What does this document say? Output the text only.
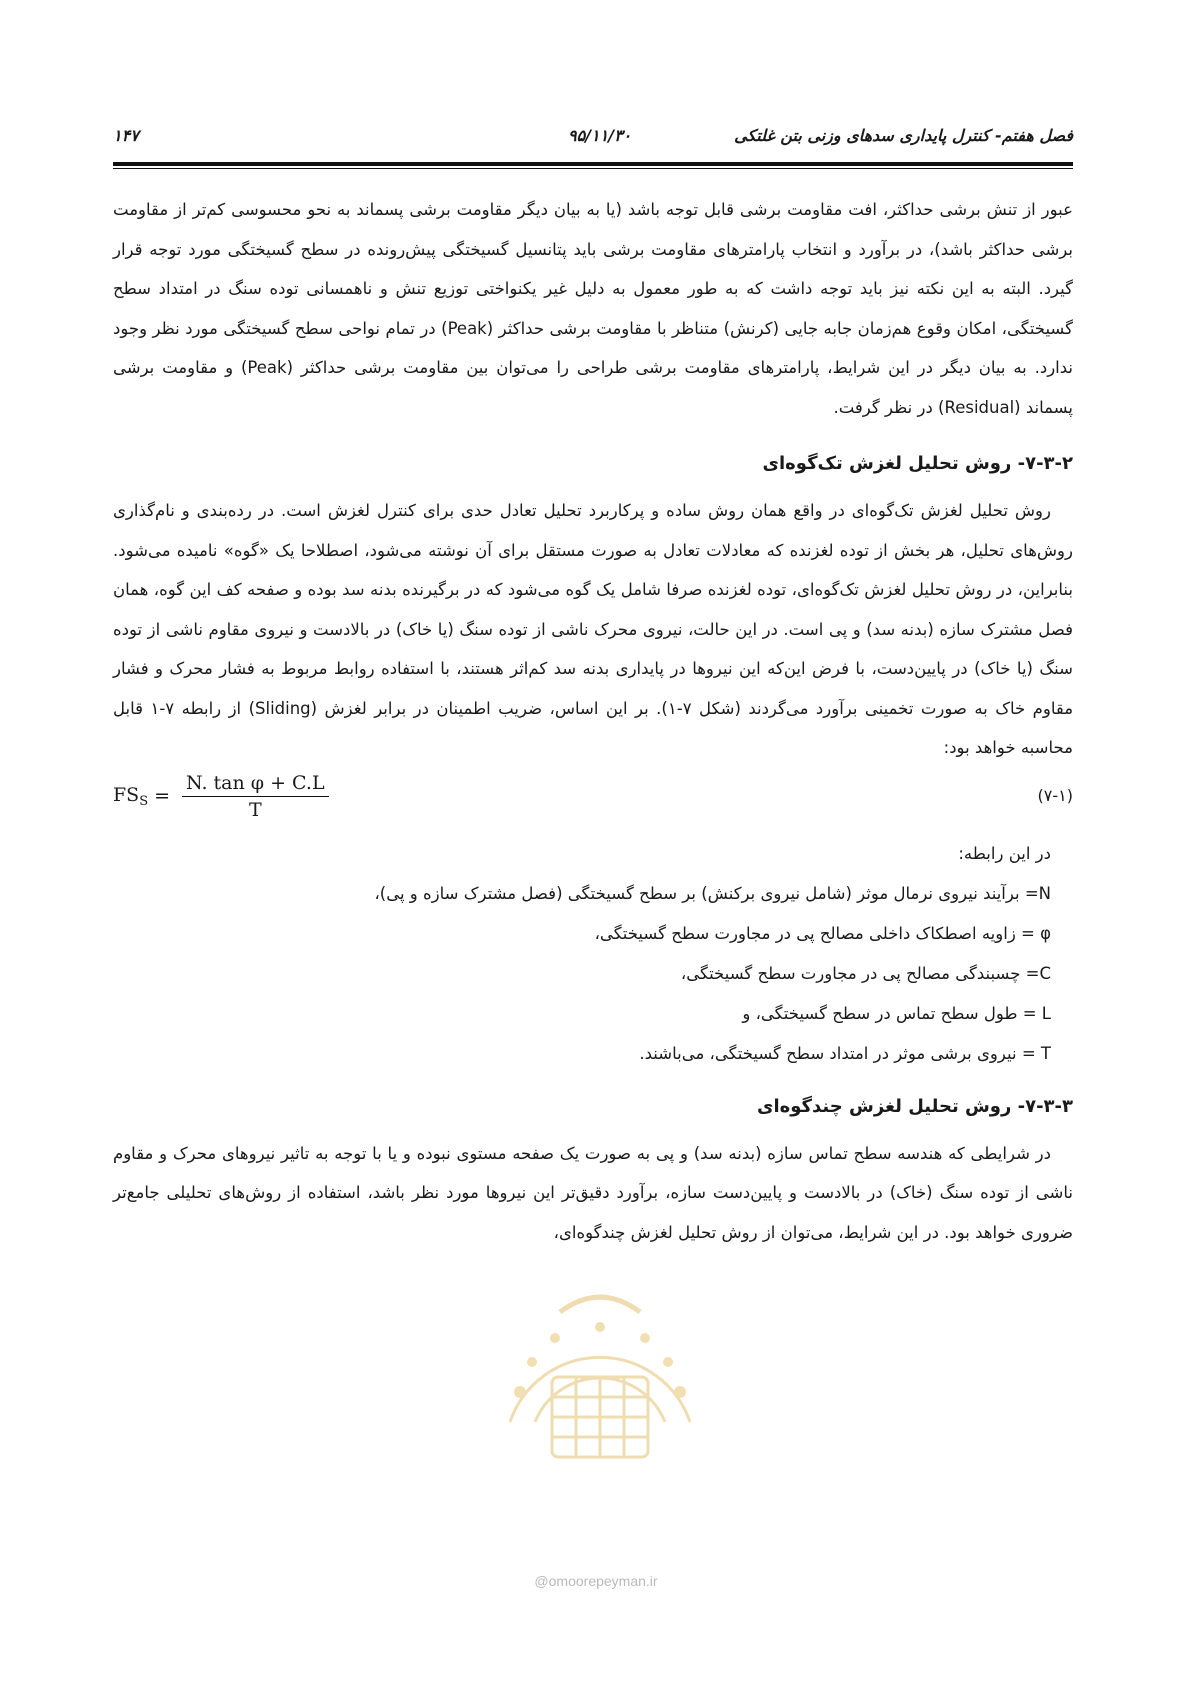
فصل هفتم- کنترل پایداری سدهای وزنی بتن غلتکی
۹۵/۱۱/۳۰
۱۴۷

عبور از تنش برشی حداکثر، افت مقاومت برشی قابل توجه باشد (یا به بیان دیگر مقاومت برشی پسماند به نحو محسوسی کم‌تر از مقاومت برشی حداکثر باشد)، در برآورد و انتخاب پارامترهای مقاومت برشی باید پتانسیل گسیختگی پیش‌رونده در سطح گسیختگی مورد توجه قرار گیرد. البته به این نکته نیز باید توجه داشت که به طور معمول به دلیل غیر یکنواختی توزیع تنش و ناهمسانی توده سنگ در امتداد سطح گسیختگی، امکان وقوع هم‌زمان جابه جایی (کرنش) متناظر با مقاومت برشی حداکثر (Peak) در تمام نواحی سطح گسیختگی مورد نظر وجود ندارد. به بیان دیگر در این شرایط، پارامترهای مقاومت برشی طراحی را می‌توان بین مقاومت برشی حداکثر (Peak) و مقاومت برشی پسماند (Residual) در نظر گرفت.

۷-۳-۲- روش تحلیل لغزش تک‌گوه‌ای

روش تحلیل لغزش تک‌گوه‌ای در واقع همان روش ساده و پرکاربرد تحلیل تعادل حدی برای کنترل لغزش است. در رده‌بندی و نام‌گذاری روش‌های تحلیل، هر بخش از توده لغزنده که معادلات تعادل به صورت مستقل برای آن نوشته می‌شود، اصطلاحا یک «گوه» نامیده می‌شود. بنابراین، در روش تحلیل لغزش تک‌گوه‌ای، توده لغزنده صرفا شامل یک گوه می‌شود که در برگیرنده بدنه سد بوده و صفحه کف این گوه، همان فصل مشترک سازه (بدنه سد) و پی است. در این حالت، نیروی محرک ناشی از توده سنگ (یا خاک) در بالادست و نیروی مقاوم ناشی از توده سنگ (یا خاک) در پایین‌دست، با فرض این‌که این نیروها در پایداری بدنه سد کم‌اثر هستند، با استفاده روابط مربوط به فشار محرک و فشار مقاوم خاک به صورت تخمینی برآورد می‌گردند (شکل ۷-۱). بر این اساس، ضریب اطمینان در برابر لغزش (Sliding) از رابطه ۷-۱ قابل محاسبه خواهد بود:

$FS_S = \frac{\text{N. tan φ + C.L}}{T}$	(۷-۱)
در این رابطه:
N= برآیند نیروی نرمال موثر (شامل نیروی برکنش) بر سطح گسیختگی (فصل مشترک سازه و پی)،
φ = زاویه اصطکاک داخلی مصالح پی در مجاورت سطح گسیختگی،
C= چسبندگی مصالح پی در مجاورت سطح گسیختگی،
L = طول سطح تماس در سطح گسیختگی، و
T = نیروی برشی موثر در امتداد سطح گسیختگی، می‌باشند.
۷-۳-۳- روش تحلیل لغزش چندگوه‌ای

در شرایطی که هندسه سطح تماس سازه (بدنه سد) و پی به صورت یک صفحه مستوی نبوده و یا با توجه به تاثیر نیروهای محرک و مقاوم ناشی از توده سنگ (خاک) در بالادست و پایین‌دست سازه، برآورد دقیق‌تر این نیروها مورد نظر باشد، استفاده از روش‌های تحلیلی جامع‌تر ضروری خواهد بود. در این شرایط، می‌توان از روش تحلیل لغزش چندگوه‌ای،

@omoorepeyman.ir
